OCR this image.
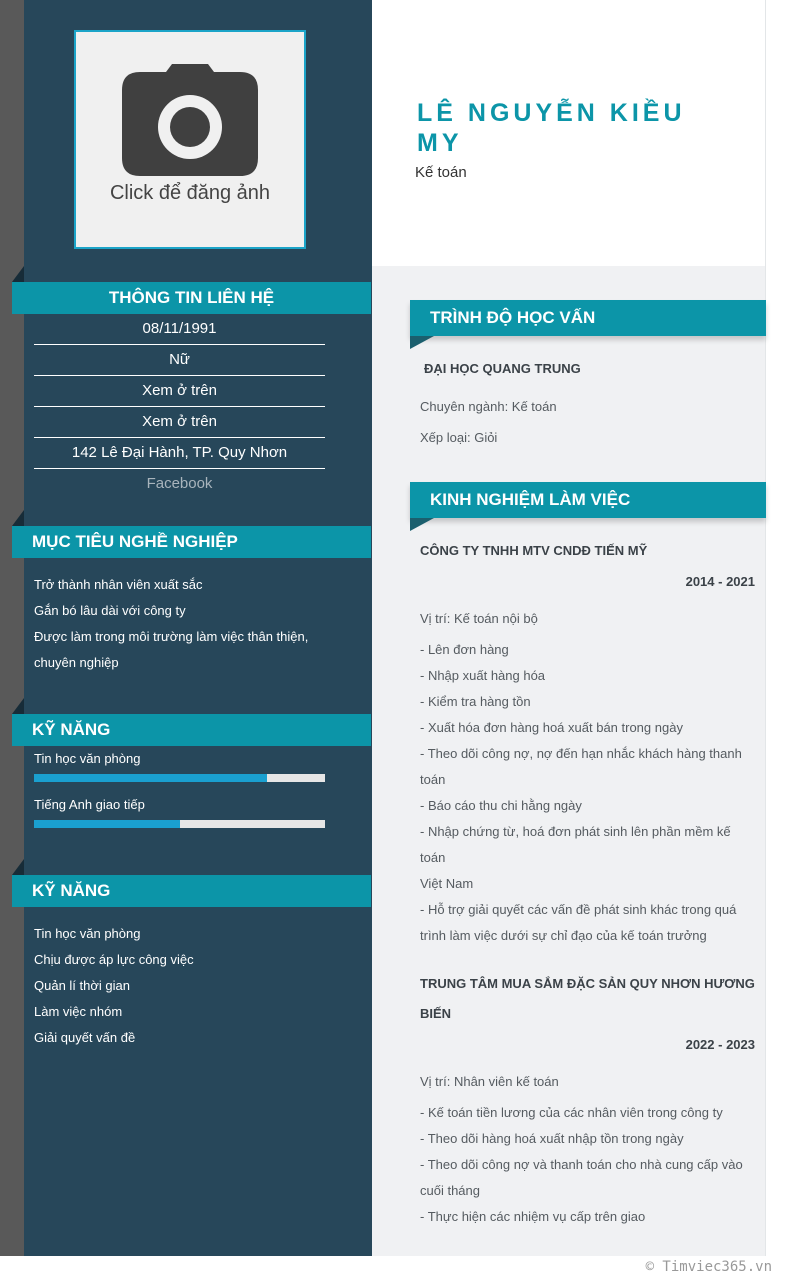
Click để đăng ảnh
THÔNG TIN LIÊN HỆ
08/11/1991
Nữ
Xem ở trên
Xem ở trên
142 Lê Đại Hành, TP. Quy Nhơn
Facebook
MỤC TIÊU NGHỀ NGHIỆP
Trở thành nhân viên xuất sắc
Gắn bó lâu dài với công ty
Được làm trong môi trường làm việc thân thiện,
chuyên nghiệp
KỸ NĂNG
Tin học văn phòng
Tiếng Anh giao tiếp
KỸ NĂNG
Tin học văn phòng
Chịu được áp lực công việc
Quản lí thời gian
Làm việc nhóm
Giải quyết vấn đề
LÊ NGUYỄN KIỀU MY
Kế toán
TRÌNH ĐỘ HỌC VẤN
ĐẠI HỌC QUANG TRUNG
Chuyên ngành: Kế toán
Xếp loại: Giỏi
KINH NGHIỆM LÀM VIỆC
CÔNG TY TNHH MTV CNDĐ TIẾN MỸ
2014 - 2021
Vị trí: Kế toán nội bộ
- Lên đơn hàng
- Nhập xuất hàng hóa
- Kiểm tra hàng tồn
- Xuất hóa đơn hàng hoá xuất bán trong ngày
- Theo dõi công nợ, nợ đến hạn nhắc khách hàng thanh
toán
- Báo cáo thu chi hằng ngày
- Nhập chứng từ, hoá đơn phát sinh lên phần mềm kế toán
Việt Nam
- Hỗ trợ giải quyết các vấn đề phát sinh khác trong quá
trình làm việc dưới sự chỉ đạo của kế toán trưởng
TRUNG TÂM MUA SẮM ĐẶC SẢN QUY NHƠN HƯƠNG
BIẾN
2022 - 2023
Vị trí: Nhân viên kế toán
- Kế toán tiền lương của các nhân viên trong công ty
- Theo dõi hàng hoá xuất nhập tồn trong ngày
- Theo dõi công nợ và thanh toán cho nhà cung cấp vào
cuối tháng
- Thực hiện các nhiệm vụ cấp trên giao
© Timviec365.vn
